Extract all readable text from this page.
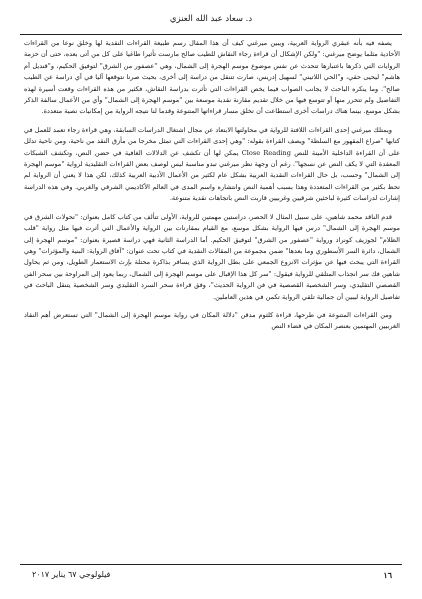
د. سعاد عبد الله العنزي

يصفه فيه بأنه عبقري الرواية العربية، ويبين ميرغني كيف أن هذا المقال رسم طبيعة القراءات النقدية لها وخلق نوعا من القراءات الأحادية مثلما يوضح ميرغني: "ولكن الإشكال أن قراءة رجاء النقاش للطيب صالح مارست تأثيرا طاغيا على كل من أتى بعده، حتى أن حزمة الروايات التي ذكرها باعتبارها تتحدث عن نفس موضوع موسم الهجرة إلى الشمال، وهي "عصفور من الشرق" لتوفيق الحكيم، و"قنديل أم هاشم" ليحيى حقي، و"الحي اللاتيني" لسهيل إدريس، صارت تتنقل من دراسة إلى أخرى، بحيث صرنا نتوقعها آليا في أي دراسة عن الطيب صالح". وما ينكره الباحث لا يجانب الصواب فيما يخص القراءات التي تأثرت بدراسة النقاش، فكثير من هذه القراءات وقعت أسيرة لهذه التفاصيل ولم تتحرر منها أو تتوسع فيها من خلال تقديم مقارنة نقدية موسعة بين "موسم الهجرة إلى الشمال" وأي من الأعمال سالفة الذكر بشكل موسع. بينما هناك دراسات أخرى استطاعت أن تخلق مسار قراءاتها المتنوعة وقدما لنا نتيجه الرواية من إمكانيات نصية متعددة.

ويمتلك ميرغني إحدى القراءات اللافتة للرواية في محاولتها الابتعاد عن مجال اشتغال الدراسات السابقة، وهي قراءة رجاء تعمد للعمل في كتابها "صراع المقهور مع السلطة" ويصف القراءة بقوله: "وهي إحدى القراءات التي تمثل مخرجا من مأزق النقد من ناحية، ومن ناحية تدلل على أن القراءة الداخلية الأمينة للنص Close Reading يمكن لها أن تكشف عن الدلالات الغافية في حضن النص، وتكشف الشبكات المعقدة التي لا يكف النص عن نسجها". رغم أن وجهة نظر ميرغني تبدو مناسبة ليس لوصف بعض القراءات التقليدية لرواية "موسم الهجرة إلى الشمال" وحسب، بل حال القراءات النقدية العربية بشكل عام لكثير من الأعمال الأدبية العربية كذلك، لكن هذا لا يعني أن الرواية لم تحظ بكثير من القراءات المتعددة وهذا بسبب أهمية النص وانتشاره واسم المدى في العالم الأكاديمي الشرقي والغربي. وفي هذه الدراسة إشارات لدراسات كثيرة لباحثين شرقيين وغربيين قاربت النص باتجاهات نقدية متنوعة.

قدم الناقد محمد شاهين، على سبيل المثال لا الحصر، دراستين مهمتين للرواية، الأولى تتألف من كتاب كامل بعنوان: "تحولات الشرق في موسم الهجرة إلى الشمال" درس فيها الرواية بشكل موسع، مع القيام بمقارنات بين الرواية والأعمال التي أثرت فيها مثل رواية "قلب الظلام" لجوزيف كونراد ورواية "عصفور من الشرق" لتوفيق الحكيم. أما الدراسة الثانية فهي دراسة قصيرة بعنوان: "موسم الهجرة إلى الشمال، دائرة السر الأسطوري وما بعدها" ضمن مجموعة من المقالات النقدية في كتاب تحت عنوان: "آفاق الرواية: البنية والمؤثرات" وهي القراءة التي يبحث فيها عن مؤثرات الانزوع الجمعي على بطل الرواية الذي يسافر بذاكرة محتلة بإرث الاستعمار الطويل، ومن ثم يحاول شاهين فك سر انجذاب المتلقي للرواية فيقول: "سر كل هذا الإقبال على موسم الهجرة إلى الشمال، ربما يعود إلى المراوحة بين سحر الفن القصصي التقليدي، وسر الشخصية القصصية في فن الرواية الحديث"، وفق قراءة سحر السرد التقليدي وسر الشخصية يتنقل الباحث في تفاصيل الرواية ليبين أن جمالية تلقي الرواية تكمن في هذين العاملين.

ومن القراءات المتنوعة في طرحها، قراءة كلثوم مدقن "دلالة المكان في رواية موسم الهجرة إلى الشمال" التي تستعرض أهم النقاد الغربيين المهتمين بعنصر المكان في فضاء النص

١٦
فيلولوجي ٦٧ يناير ٢٠١٧
